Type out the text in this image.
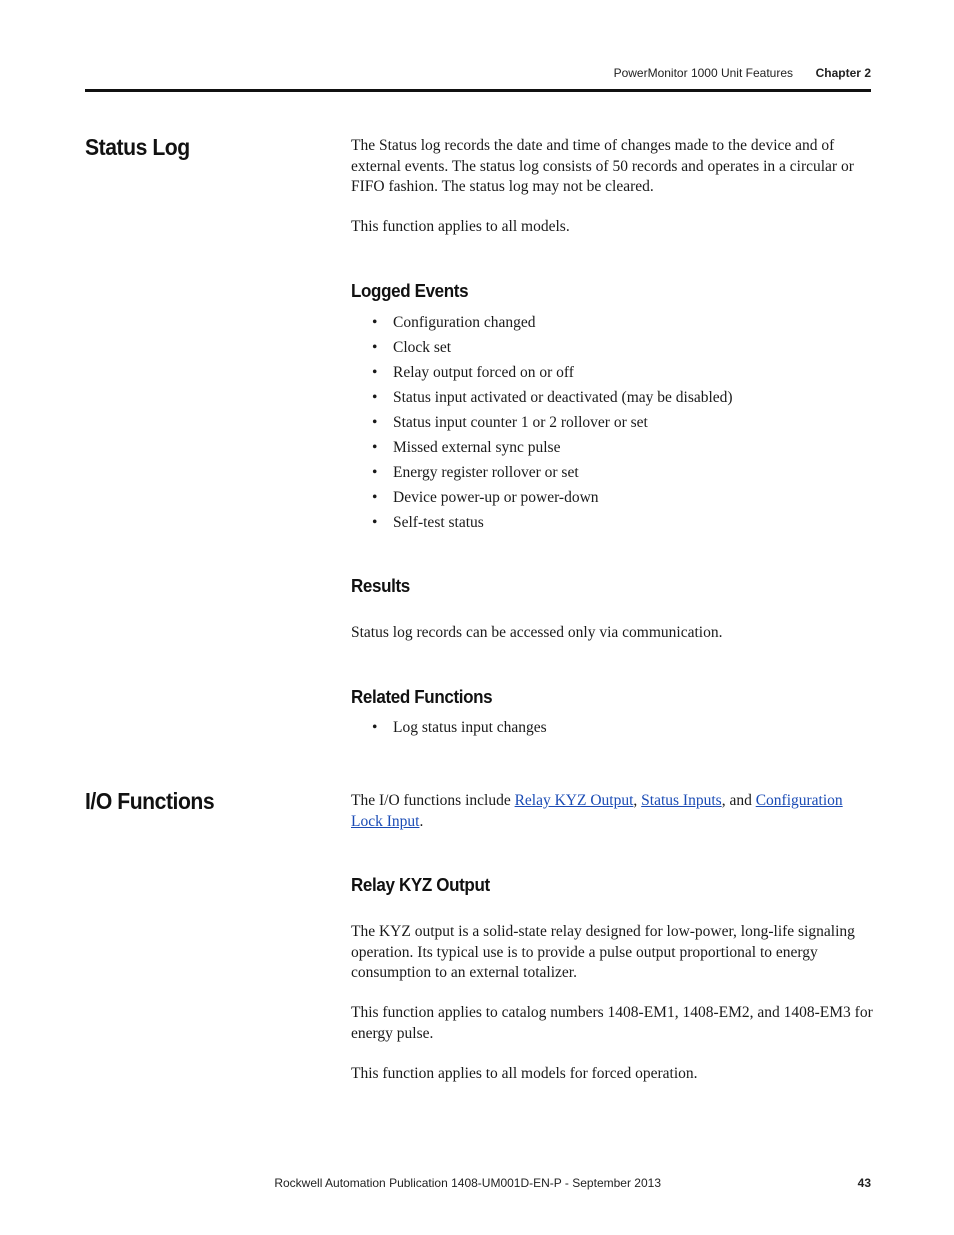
PowerMonitor 1000 Unit Features Chapter 2
Status Log	The Status log records the date and time of changes made to the device and of external events. The status log consists of 50 records and operates in a circular or FIFO fashion. The status log may not be cleared.

This function applies to all models.

Logged Events
• Configuration changed
• Clock set
• Relay output forced on or off
• Status input activated or deactivated (may be disabled)
• Status input counter 1 or 2 rollover or set
• Missed external sync pulse
• Energy register rollover or set
• Device power-up or power-down
• Self-test status
Results

Status log records can be accessed only via communication.

Related Functions
• Log status input changes
I/O Functions	The I/O functions include Relay KYZ Output, Status Inputs, and Configuration Lock Input.

Relay KYZ Output

The KYZ output is a solid-state relay designed for low-power, long-life signaling operation. Its typical use is to provide a pulse output proportional to energy consumption to an external totalizer.

This function applies to catalog numbers 1408-EM1, 1408-EM2, and 1408-EM3 for energy pulse.

This function applies to all models for forced operation.

Rockwell Automation Publication 1408-UM001D-EN-P - September 2013	43
